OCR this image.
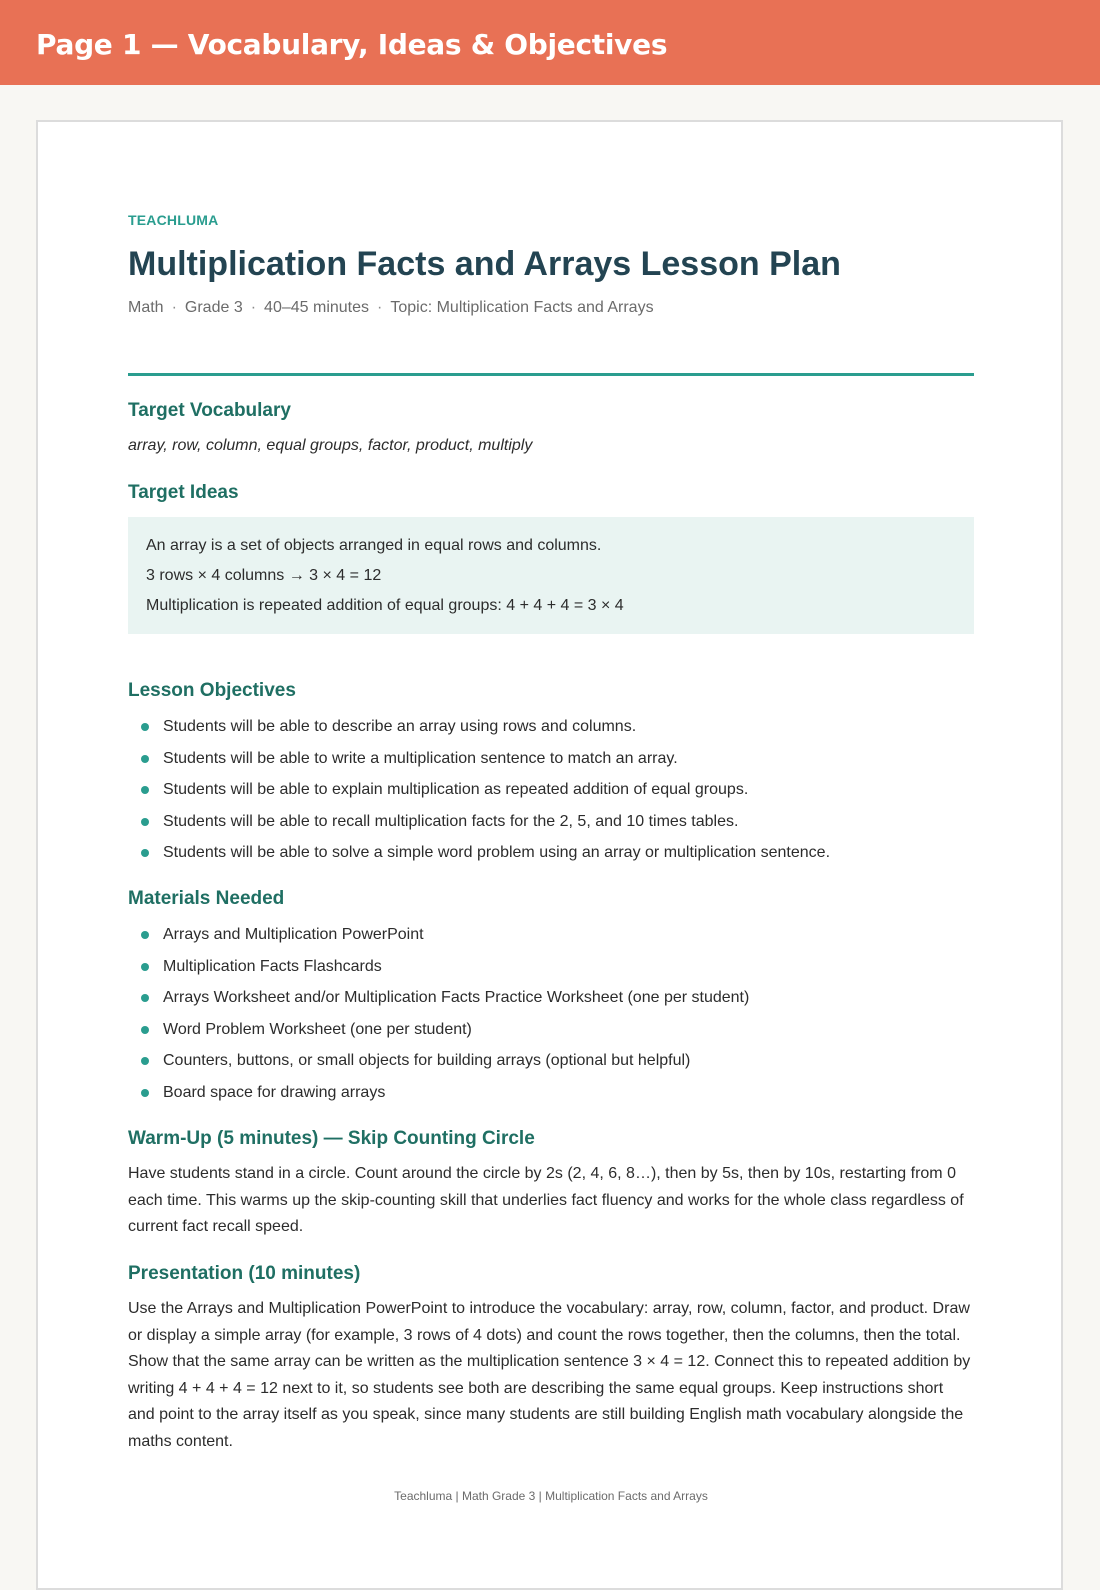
Page 1 — Vocabulary, Ideas & Objectives

TEACHLUMA

Multiplication Facts and Arrays Lesson Plan
Math · Grade 3 · 40–45 minutes · Topic: Multiplication Facts and Arrays
Target Vocabulary

array, row, column, equal groups, factor, product, multiply

Target Ideas
An array is a set of objects arranged in equal rows and columns.
3 rows × 4 columns → 3 × 4 = 12
Multiplication is repeated addition of equal groups: 4 + 4 + 4 = 3 × 4
Lesson Objectives
Students will be able to describe an array using rows and columns.
Students will be able to write a multiplication sentence to match an array.
Students will be able to explain multiplication as repeated addition of equal groups.
Students will be able to recall multiplication facts for the 2, 5, and 10 times tables.
Students will be able to solve a simple word problem using an array or multiplication sentence.
Materials Needed
Arrays and Multiplication PowerPoint
Multiplication Facts Flashcards
Arrays Worksheet and/or Multiplication Facts Practice Worksheet (one per student)
Word Problem Worksheet (one per student)
Counters, buttons, or small objects for building arrays (optional but helpful)
Board space for drawing arrays
Warm-Up (5 minutes) — Skip Counting Circle

Have students stand in a circle. Count around the circle by 2s (2, 4, 6, 8…), then by 5s, then by 10s, restarting from 0 each time. This warms up the skip-counting skill that underlies fact fluency and works for the whole class regardless of current fact recall speed.

Presentation (10 minutes)

Use the Arrays and Multiplication PowerPoint to introduce the vocabulary: array, row, column, factor, and product. Draw or display a simple array (for example, 3 rows of 4 dots) and count the rows together, then the columns, then the total. Show that the same array can be written as the multiplication sentence 3 × 4 = 12. Connect this to repeated addition by writing 4 + 4 + 4 = 12 next to it, so students see both are describing the same equal groups. Keep instructions short and point to the array itself as you speak, since many students are still building English math vocabulary alongside the maths content.

Teachluma | Math Grade 3 | Multiplication Facts and Arrays
